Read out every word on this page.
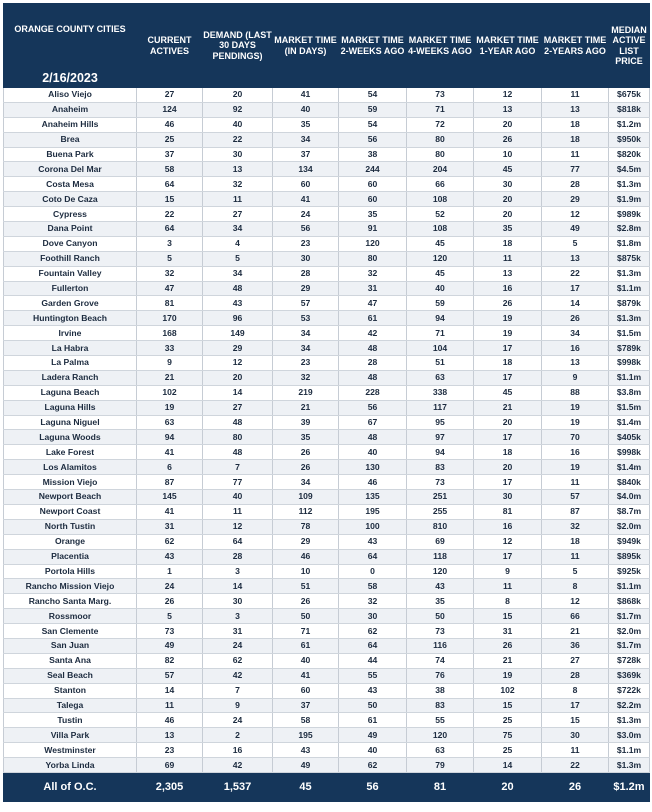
ORANGE COUNTY CITIES
2/16/2023	CURRENT ACTIVES	DEMAND (LAST 30 DAYS PENDINGS)	MARKET TIME (IN DAYS)	MARKET TIME 2-WEEKS AGO	MARKET TIME 4-WEEKS AGO	MARKET TIME 1-YEAR AGO	MARKET TIME 2-YEARS AGO	MEDIAN ACTIVE LIST PRICE
Aliso Viejo	27	20	41	54	73	12	11	$675k
Anaheim	124	92	40	59	71	13	13	$818k
Anaheim Hills	46	40	35	54	72	20	18	$1.2m
Brea	25	22	34	56	80	26	18	$950k
Buena Park	37	30	37	38	80	10	11	$820k
Corona Del Mar	58	13	134	244	204	45	77	$4.5m
Costa Mesa	64	32	60	60	66	30	28	$1.3m
Coto De Caza	15	11	41	60	108	20	29	$1.9m
Cypress	22	27	24	35	52	20	12	$989k
Dana Point	64	34	56	91	108	35	49	$2.8m
Dove Canyon	3	4	23	120	45	18	5	$1.8m
Foothill Ranch	5	5	30	80	120	11	13	$875k
Fountain Valley	32	34	28	32	45	13	22	$1.3m
Fullerton	47	48	29	31	40	16	17	$1.1m
Garden Grove	81	43	57	47	59	26	14	$879k
Huntington Beach	170	96	53	61	94	19	26	$1.3m
Irvine	168	149	34	42	71	19	34	$1.5m
La Habra	33	29	34	48	104	17	16	$789k
La Palma	9	12	23	28	51	18	13	$998k
Ladera Ranch	21	20	32	48	63	17	9	$1.1m
Laguna Beach	102	14	219	228	338	45	88	$3.8m
Laguna Hills	19	27	21	56	117	21	19	$1.5m
Laguna Niguel	63	48	39	67	95	20	19	$1.4m
Laguna Woods	94	80	35	48	97	17	70	$405k
Lake Forest	41	48	26	40	94	18	16	$998k
Los Alamitos	6	7	26	130	83	20	19	$1.4m
Mission Viejo	87	77	34	46	73	17	11	$840k
Newport Beach	145	40	109	135	251	30	57	$4.0m
Newport Coast	41	11	112	195	255	81	87	$8.7m
North Tustin	31	12	78	100	810	16	32	$2.0m
Orange	62	64	29	43	69	12	18	$949k
Placentia	43	28	46	64	118	17	11	$895k
Portola Hills	1	3	10	0	120	9	5	$925k
Rancho Mission Viejo	24	14	51	58	43	11	8	$1.1m
Rancho Santa Marg.	26	30	26	32	35	8	12	$868k
Rossmoor	5	3	50	30	50	15	66	$1.7m
San Clemente	73	31	71	62	73	31	21	$2.0m
San Juan	49	24	61	64	116	26	36	$1.7m
Santa Ana	82	62	40	44	74	21	27	$728k
Seal Beach	57	42	41	55	76	19	28	$369k
Stanton	14	7	60	43	38	102	8	$722k
Talega	11	9	37	50	83	15	17	$2.2m
Tustin	46	24	58	61	55	25	15	$1.3m
Villa Park	13	2	195	49	120	75	30	$3.0m
Westminster	23	16	43	40	63	25	11	$1.1m
Yorba Linda	69	42	49	62	79	14	22	$1.3m
All of O.C.	2,305	1,537	45	56	81	20	26	$1.2m
